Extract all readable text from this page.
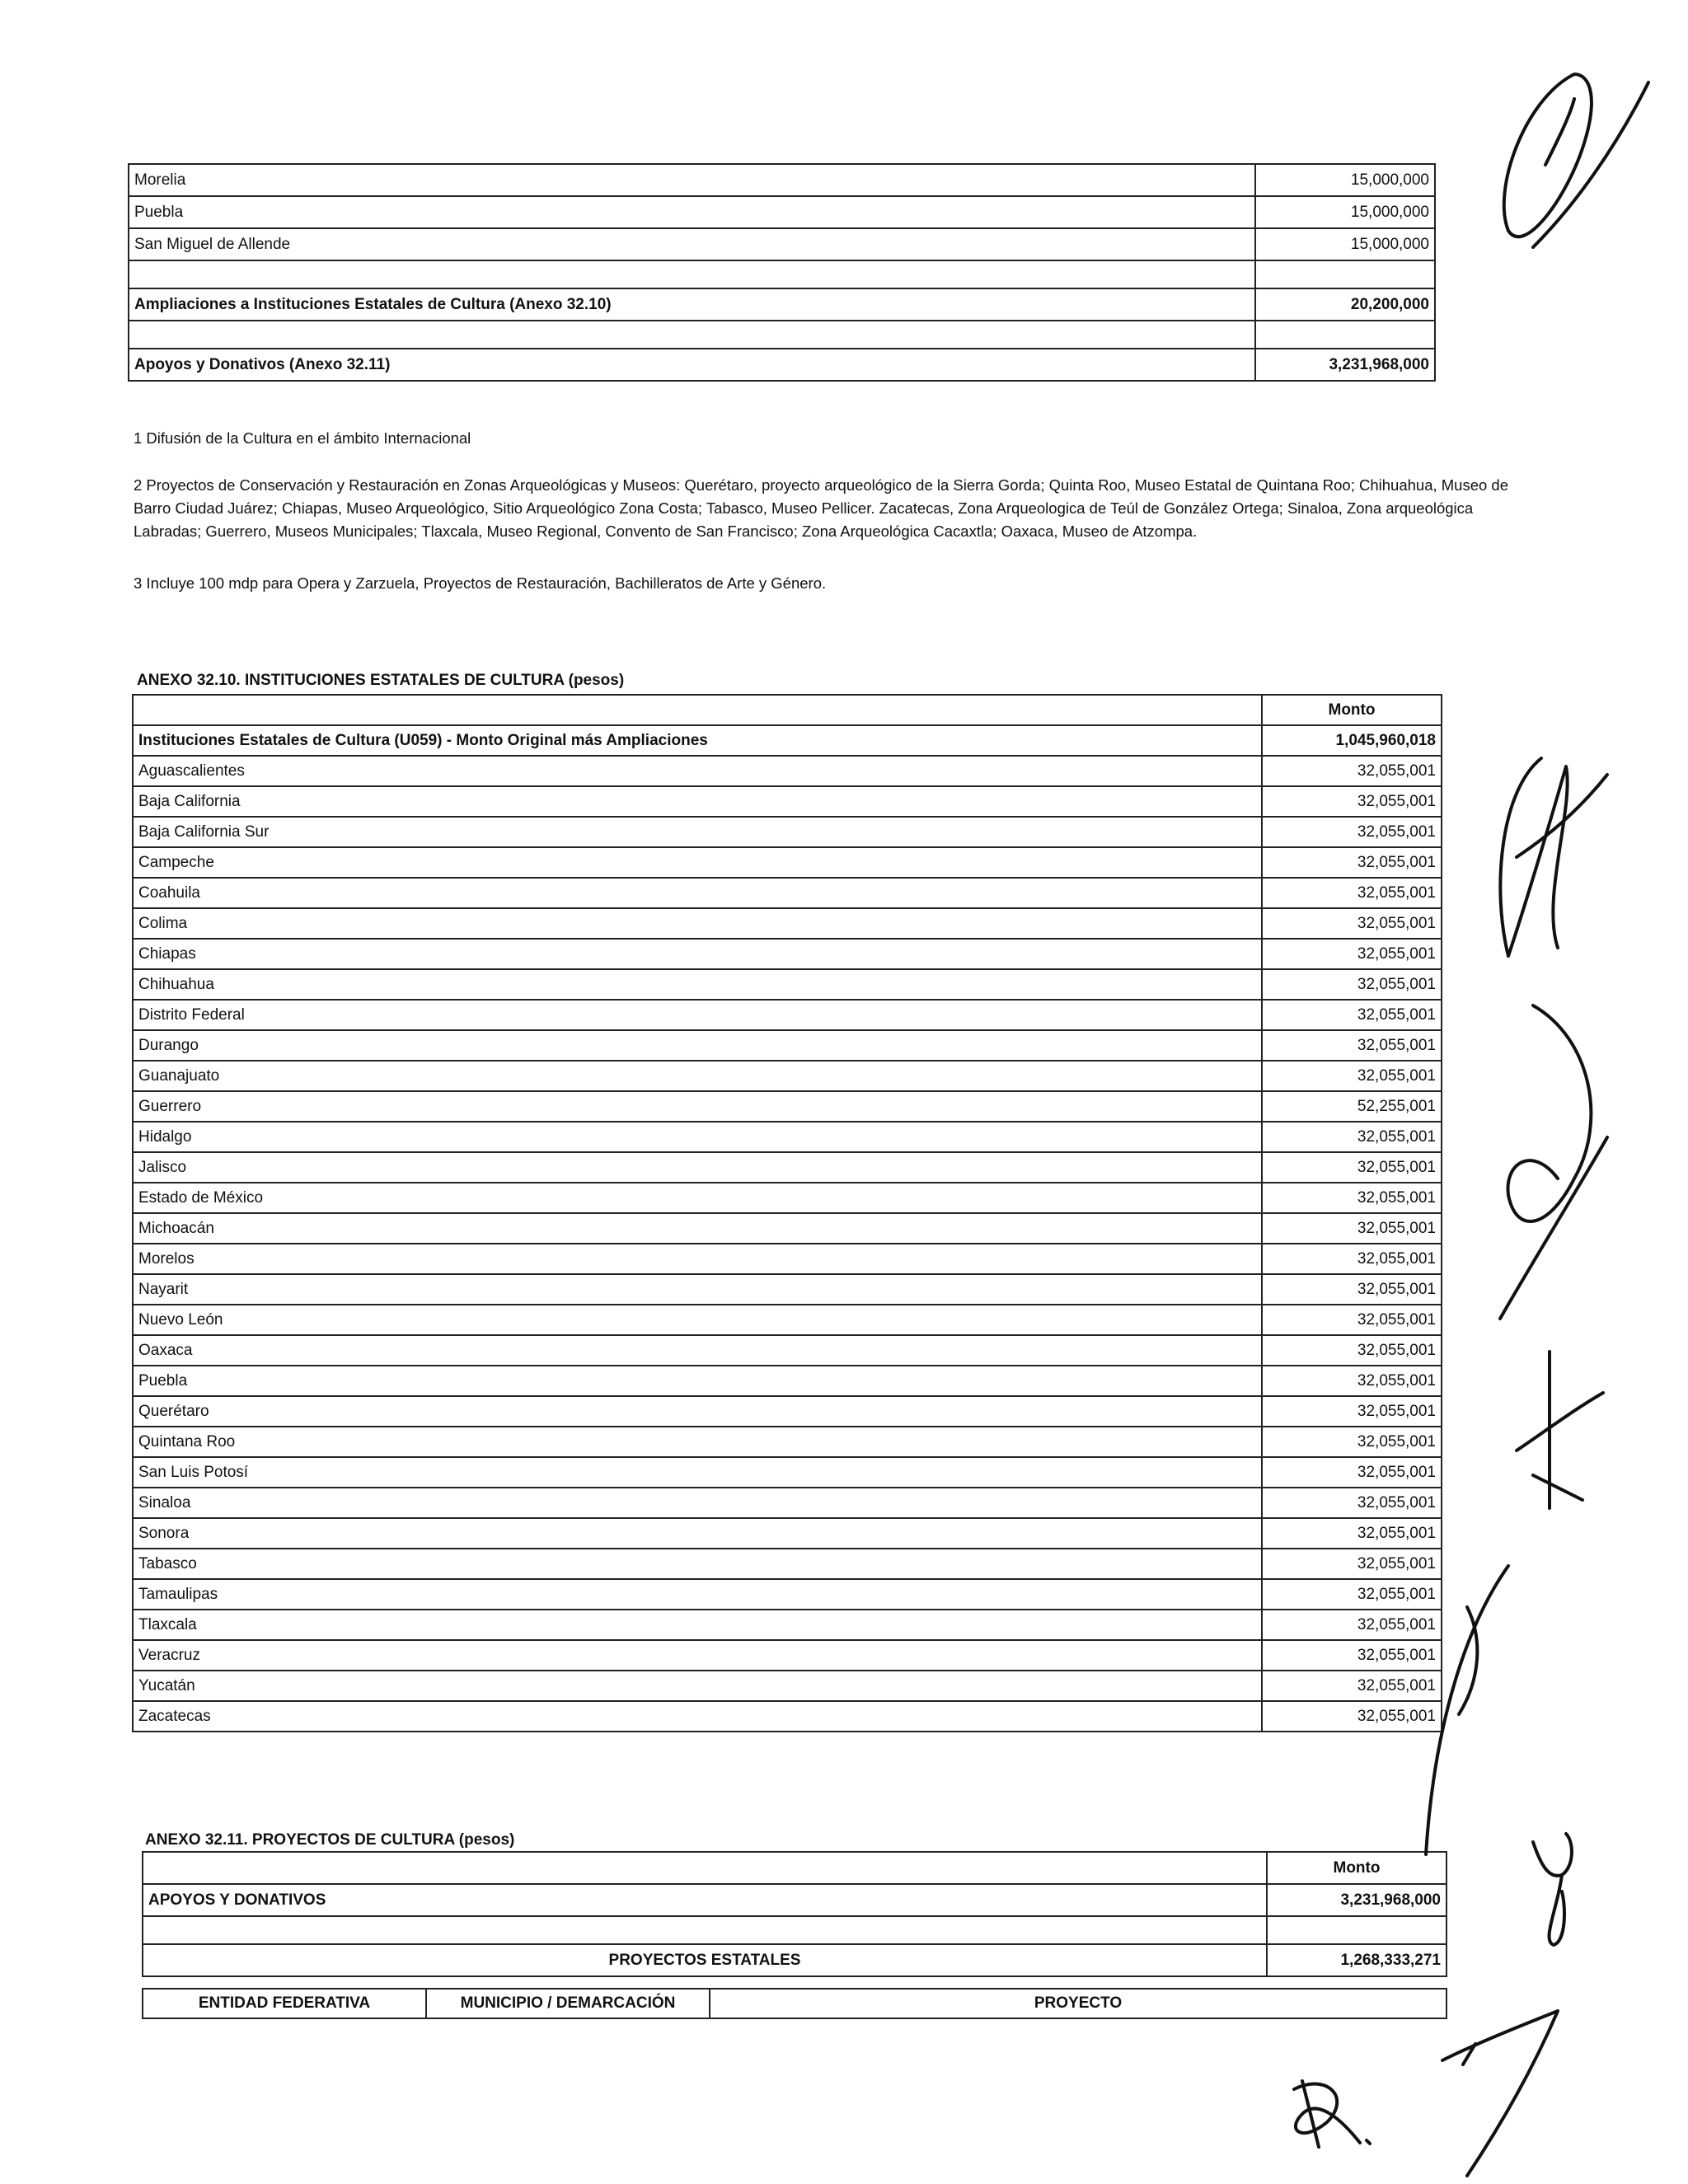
Morelia	15,000,000
Puebla	15,000,000
San Miguel de Allende	15,000,000

Ampliaciones a Instituciones Estatales de Cultura (Anexo 32.10)	20,200,000

Apoyos y Donativos (Anexo 32.11)	3,231,968,000
1 Difusión de la Cultura en el ámbito Internacional
2 Proyectos de Conservación y Restauración en Zonas Arqueológicas y Museos: Querétaro, proyecto arqueológico de la Sierra Gorda; Quinta Roo, Museo Estatal de Quintana Roo; Chihuahua, Museo de
Barro Ciudad Juárez; Chiapas, Museo Arqueológico, Sitio Arqueológico Zona Costa; Tabasco, Museo Pellicer. Zacatecas, Zona Arqueologica de Teúl de González Ortega; Sinaloa, Zona arqueológica
Labradas; Guerrero, Museos Municipales; Tlaxcala, Museo Regional, Convento de San Francisco; Zona Arqueológica Cacaxtla; Oaxaca, Museo de Atzompa.
3 Incluye 100 mdp para Opera y Zarzuela, Proyectos de Restauración, Bachilleratos de Arte y Género.
ANEXO 32.10. INSTITUCIONES ESTATALES DE CULTURA (pesos)
	Monto
Instituciones Estatales de Cultura (U059) - Monto Original más Ampliaciones	1,045,960,018
Aguascalientes	32,055,001
Baja California	32,055,001
Baja California Sur	32,055,001
Campeche	32,055,001
Coahuila	32,055,001
Colima	32,055,001
Chiapas	32,055,001
Chihuahua	32,055,001
Distrito Federal	32,055,001
Durango	32,055,001
Guanajuato	32,055,001
Guerrero	52,255,001
Hidalgo	32,055,001
Jalisco	32,055,001
Estado de México	32,055,001
Michoacán	32,055,001
Morelos	32,055,001
Nayarit	32,055,001
Nuevo León	32,055,001
Oaxaca	32,055,001
Puebla	32,055,001
Querétaro	32,055,001
Quintana Roo	32,055,001
San Luis Potosí	32,055,001
Sinaloa	32,055,001
Sonora	32,055,001
Tabasco	32,055,001
Tamaulipas	32,055,001
Tlaxcala	32,055,001
Veracruz	32,055,001
Yucatán	32,055,001
Zacatecas	32,055,001
ANEXO 32.11. PROYECTOS DE CULTURA (pesos)
	Monto
APOYOS Y DONATIVOS	3,231,968,000

PROYECTOS ESTATALES	1,268,333,271
ENTIDAD FEDERATIVA	MUNICIPIO / DEMARCACIÓN	PROYECTO
